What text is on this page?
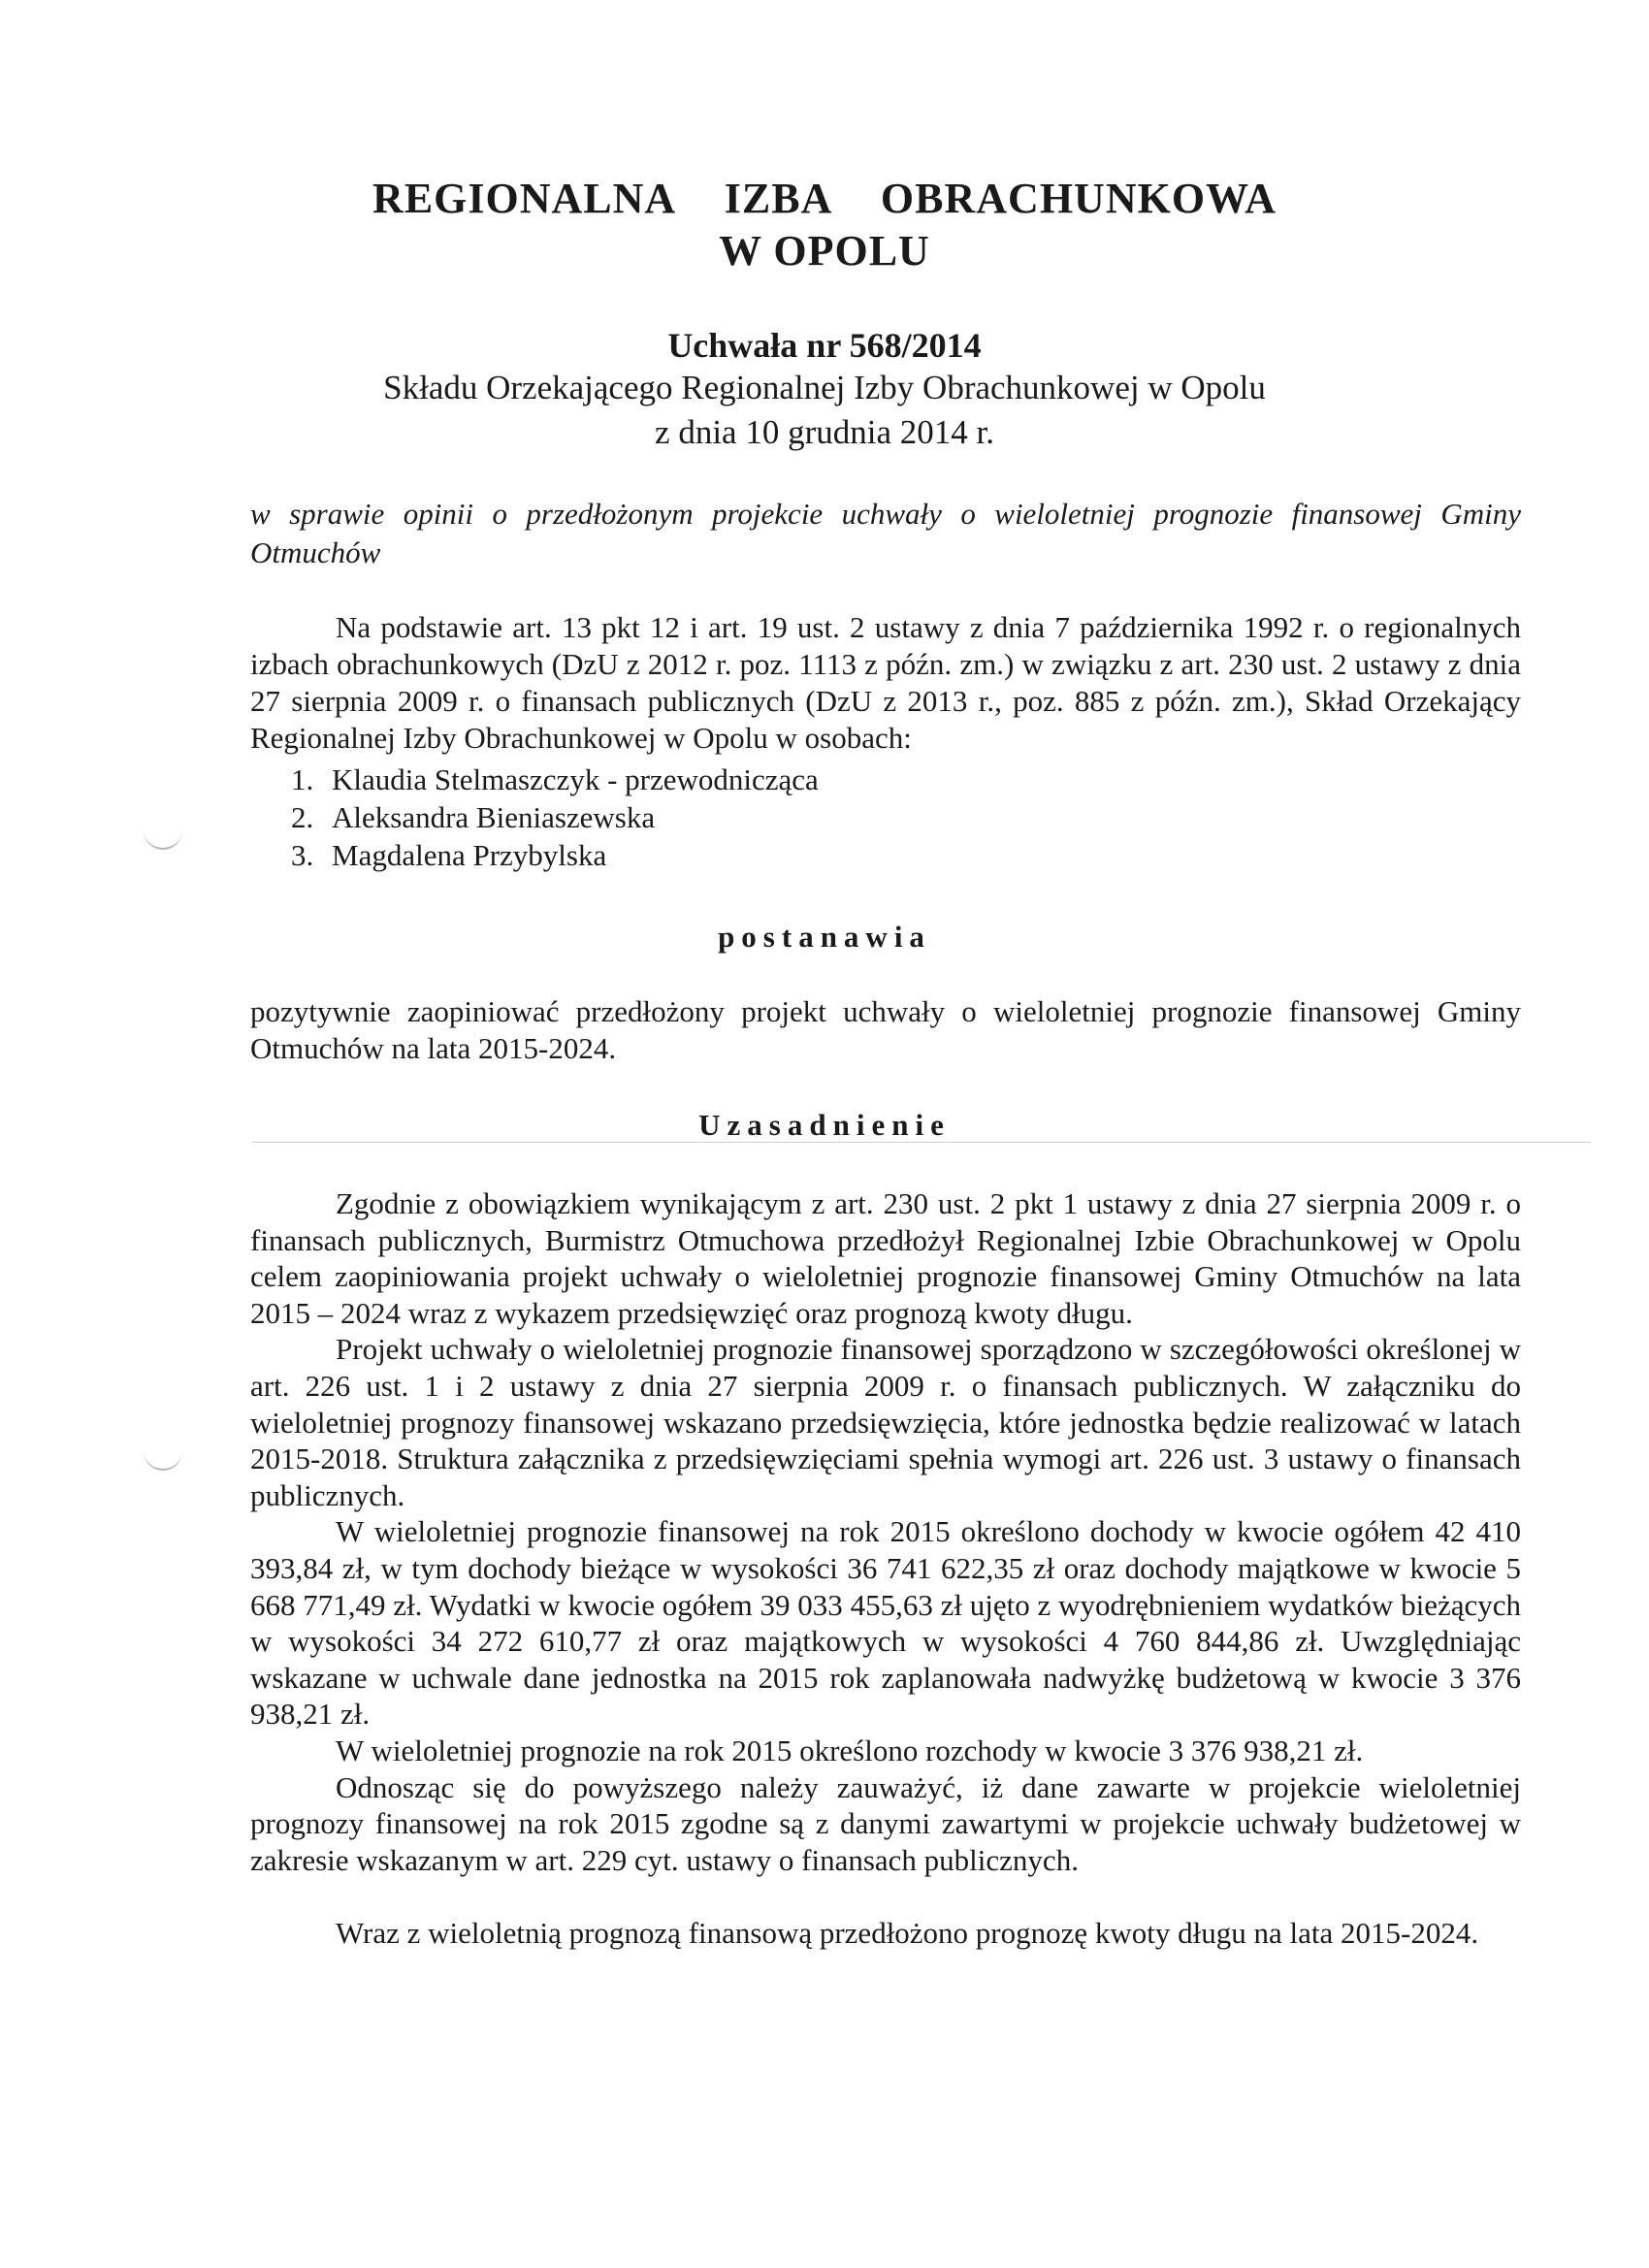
REGIONALNA  IZBA  OBRACHUNKOWA
W OPOLU
Uchwała nr 568/2014
Składu Orzekającego Regionalnej Izby Obrachunkowej w Opolu
z dnia 10 grudnia 2014 r.
w sprawie opinii o przedłożonym projekcie uchwały o wieloletniej prognozie finansowej Gminy Otmuchów

Na podstawie art. 13 pkt 12 i art. 19 ust. 2 ustawy z dnia 7 października 1992 r. o regionalnych izbach obrachunkowych (DzU z 2012 r. poz. 1113 z późn. zm.) w związku z art. 230 ust. 2 ustawy z dnia 27 sierpnia 2009 r. o finansach publicznych (DzU z 2013 r., poz. 885 z późn. zm.), Skład Orzekający Regionalnej Izby Obrachunkowej w Opolu w osobach:

1. Klaudia Stelmaszczyk - przewodnicząca
2. Aleksandra Bieniaszewska
3. Magdalena Przybylska
postanawia

pozytywnie zaopiniować przedłożony projekt uchwały o wieloletniej prognozie finansowej Gminy Otmuchów na lata 2015-2024.

Uzasadnienie

Zgodnie z obowiązkiem wynikającym z art. 230 ust. 2 pkt 1 ustawy z dnia 27 sierpnia 2009 r. o finansach publicznych, Burmistrz Otmuchowa przedłożył Regionalnej Izbie Obrachunkowej w Opolu celem zaopiniowania projekt uchwały o wieloletniej prognozie finansowej Gminy Otmuchów na lata 2015 – 2024 wraz z wykazem przedsięwzięć oraz prognozą kwoty długu.

Projekt uchwały o wieloletniej prognozie finansowej sporządzono w szczegółowości określonej w art. 226 ust. 1 i 2 ustawy z dnia 27 sierpnia 2009 r. o finansach publicznych. W załączniku do wieloletniej prognozy finansowej wskazano przedsięwzięcia, które jednostka będzie realizować w latach 2015-2018. Struktura załącznika z przedsięwzięciami spełnia wymogi art. 226 ust. 3 ustawy o finansach publicznych.

W wieloletniej prognozie finansowej na rok 2015 określono dochody w kwocie ogółem 42 410 393,84 zł, w tym dochody bieżące w wysokości 36 741 622,35 zł oraz dochody majątkowe w kwocie 5 668 771,49 zł. Wydatki w kwocie ogółem 39 033 455,63 zł ujęto z wyodrębnieniem wydatków bieżących w wysokości 34 272 610,77 zł oraz majątkowych w wysokości 4 760 844,86 zł. Uwzględniając wskazane w uchwale dane jednostka na 2015 rok zaplanowała nadwyżkę budżetową w kwocie 3 376 938,21 zł.

W wieloletniej prognozie na rok 2015 określono rozchody w kwocie 3 376 938,21 zł.

Odnosząc się do powyższego należy zauważyć, iż dane zawarte w projekcie wieloletniej prognozy finansowej na rok 2015 zgodne są z danymi zawartymi w projekcie uchwały budżetowej w zakresie wskazanym w art. 229 cyt. ustawy o finansach publicznych.

Wraz z wieloletnią prognozą finansową przedłożono prognozę kwoty długu na lata 2015-2024.
